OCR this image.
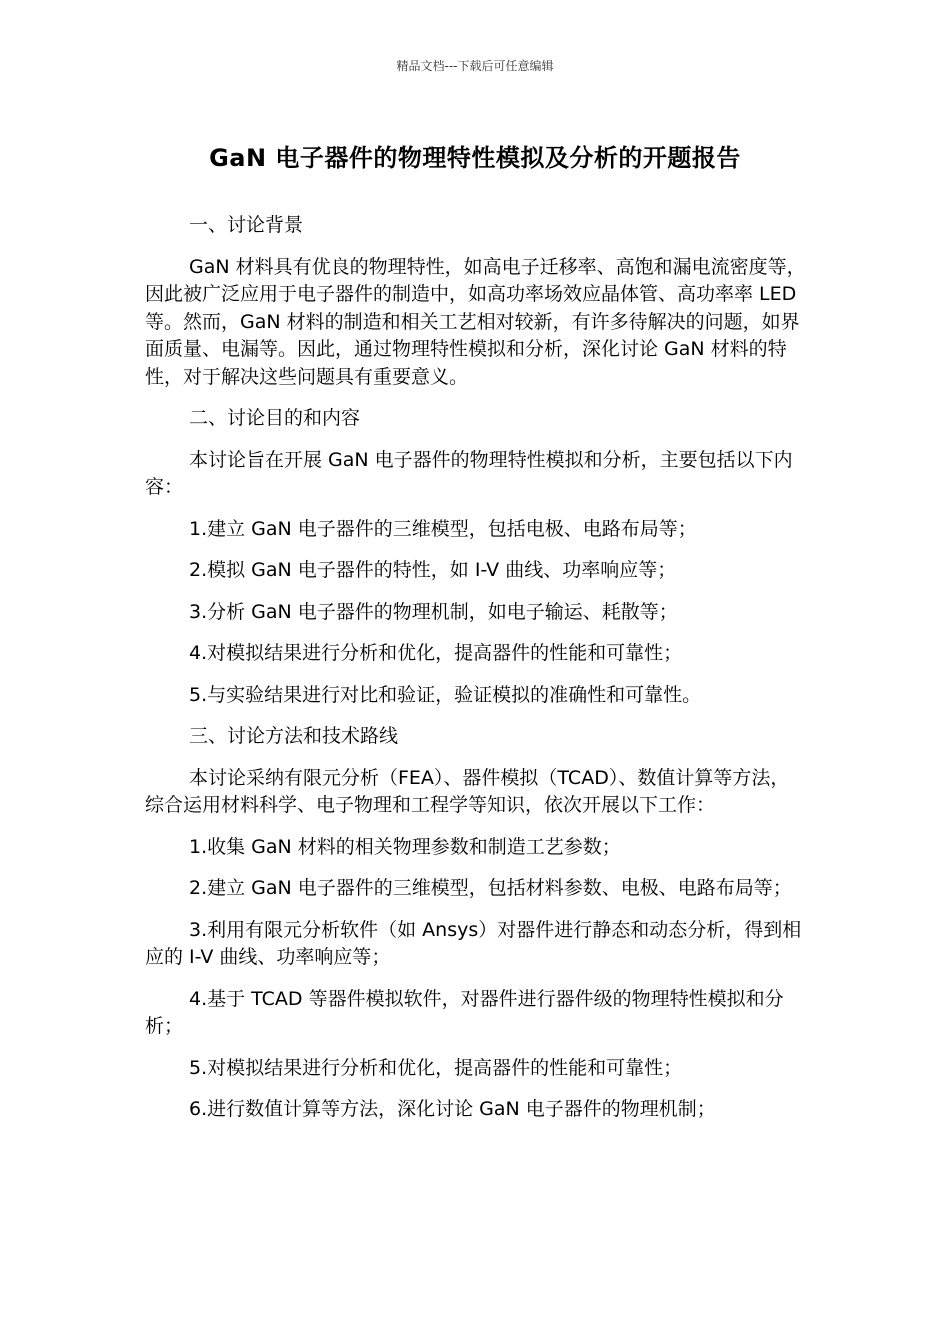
精品文档---下载后可任意编辑
GaN 电子器件的物理特性模拟及分析的开题报告

一、讨论背景

GaN 材料具有优良的物理特性，如高电子迁移率、高饱和漏电流密度等，因此被广泛应用于电子器件的制造中，如高功率场效应晶体管、高功率率 LED 等。然而，GaN 材料的制造和相关工艺相对较新，有许多待解决的问题，如界面质量、电漏等。因此，通过物理特性模拟和分析，深化讨论 GaN 材料的特性，对于解决这些问题具有重要意义。

二、讨论目的和内容

本讨论旨在开展 GaN 电子器件的物理特性模拟和分析，主要包括以下内容：

1.建立 GaN 电子器件的三维模型，包括电极、电路布局等；

2.模拟 GaN 电子器件的特性，如 I-V 曲线、功率响应等；

3.分析 GaN 电子器件的物理机制，如电子输运、耗散等；

4.对模拟结果进行分析和优化，提高器件的性能和可靠性；

5.与实验结果进行对比和验证，验证模拟的准确性和可靠性。

三、讨论方法和技术路线

本讨论采纳有限元分析（FEA）、器件模拟（TCAD）、数值计算等方法，综合运用材料科学、电子物理和工程学等知识，依次开展以下工作：

1.收集 GaN 材料的相关物理参数和制造工艺参数；

2.建立 GaN 电子器件的三维模型，包括材料参数、电极、电路布局等；

3.利用有限元分析软件（如 Ansys）对器件进行静态和动态分析，得到相应的 I-V 曲线、功率响应等；

4.基于 TCAD 等器件模拟软件，对器件进行器件级的物理特性模拟和分析；

5.对模拟结果进行分析和优化，提高器件的性能和可靠性；

6.进行数值计算等方法，深化讨论 GaN 电子器件的物理机制；
